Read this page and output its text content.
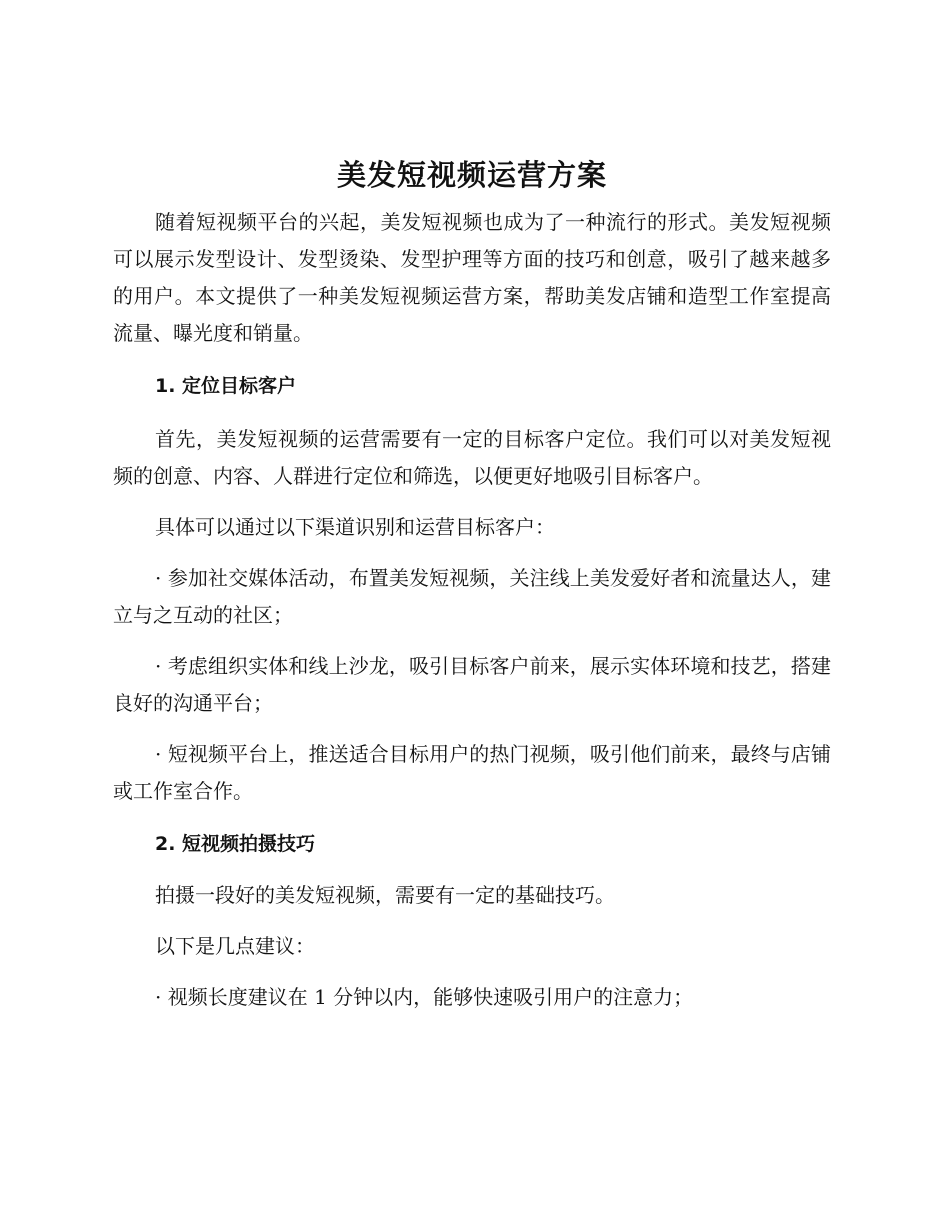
美发短视频运营方案

随着短视频平台的兴起，美发短视频也成为了一种流行的形式。美发短视频可以展示发型设计、发型烫染、发型护理等方面的技巧和创意，吸引了越来越多的用户。本文提供了一种美发短视频运营方案，帮助美发店铺和造型工作室提高流量、曝光度和销量。

1. 定位目标客户

首先，美发短视频的运营需要有一定的目标客户定位。我们可以对美发短视频的创意、内容、人群进行定位和筛选，以便更好地吸引目标客户。

具体可以通过以下渠道识别和运营目标客户：

· 参加社交媒体活动，布置美发短视频，关注线上美发爱好者和流量达人，建立与之互动的社区；

· 考虑组织实体和线上沙龙，吸引目标客户前来，展示实体环境和技艺，搭建良好的沟通平台；

· 短视频平台上，推送适合目标用户的热门视频，吸引他们前来，最终与店铺或工作室合作。

2. 短视频拍摄技巧

拍摄一段好的美发短视频，需要有一定的基础技巧。

以下是几点建议：

· 视频长度建议在 1 分钟以内，能够快速吸引用户的注意力；
